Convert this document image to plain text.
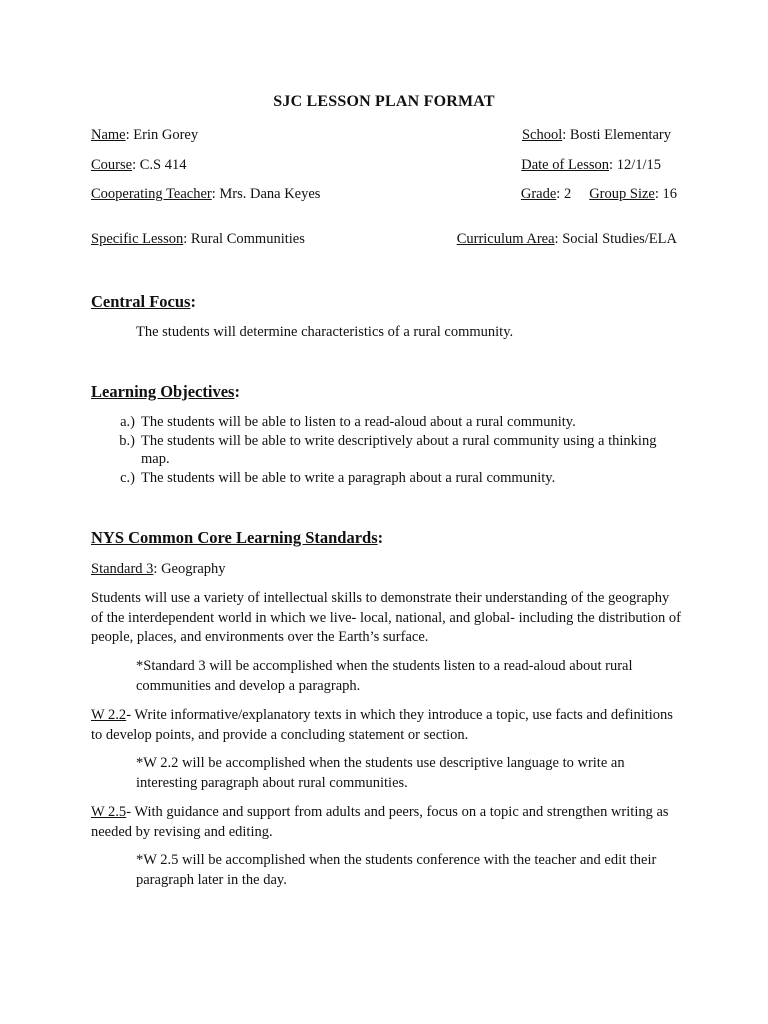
SJC LESSON PLAN FORMAT
Name: Erin Gorey	School: Bosti Elementary
Course: C.S 414	Date of Lesson: 12/1/15
Cooperating Teacher: Mrs. Dana Keyes	Grade: 2 Group Size: 16
Specific Lesson: Rural Communities	Curriculum Area: Social Studies/ELA
Central Focus:
The students will determine characteristics of a rural community.
Learning Objectives:
a.) The students will be able to listen to a read-aloud about a rural community.
b.) The students will be able to write descriptively about a rural community using a thinking map.
c.) The students will be able to write a paragraph about a rural community.
NYS Common Core Learning Standards:
Standard 3: Geography
Students will use a variety of intellectual skills to demonstrate their understanding of the geography of the interdependent world in which we live- local, national, and global- including the distribution of people, places, and environments over the Earth’s surface.
*Standard 3 will be accomplished when the students listen to a read-aloud about rural communities and develop a paragraph.
W 2.2- Write informative/explanatory texts in which they introduce a topic, use facts and definitions to develop points, and provide a concluding statement or section.
*W 2.2 will be accomplished when the students use descriptive language to write an interesting paragraph about rural communities.
W 2.5- With guidance and support from adults and peers, focus on a topic and strengthen writing as needed by revising and editing.
*W 2.5 will be accomplished when the students conference with the teacher and edit their paragraph later in the day.
